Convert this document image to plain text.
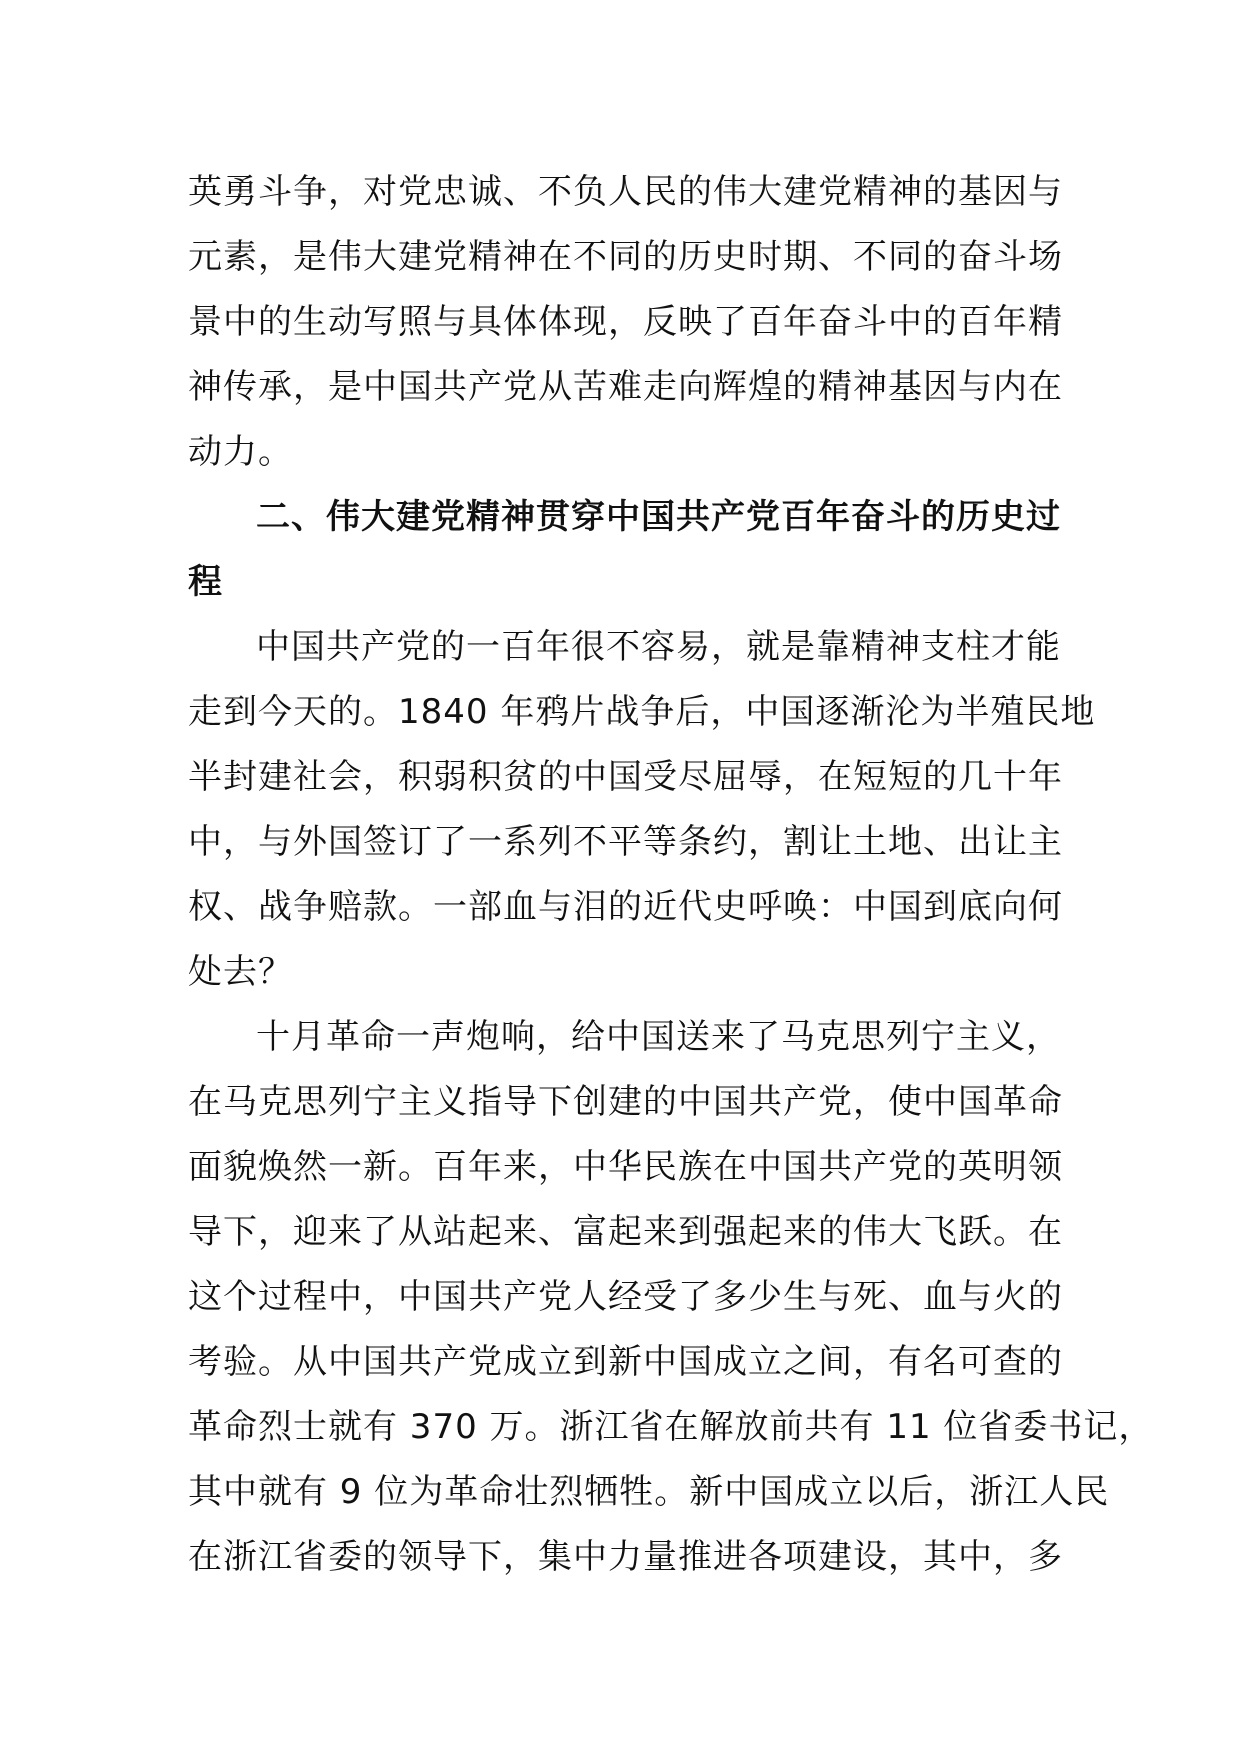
英勇斗争，对党忠诚、不负人民的伟大建党精神的基因与
元素，是伟大建党精神在不同的历史时期、不同的奋斗场
景中的生动写照与具体体现，反映了百年奋斗中的百年精
神传承，是中国共产党从苦难走向辉煌的精神基因与内在
动力。
二、伟大建党精神贯穿中国共产党百年奋斗的历史过
程
中国共产党的一百年很不容易，就是靠精神支柱才能
走到今天的。1840 年鸦片战争后，中国逐渐沦为半殖民地
半封建社会，积弱积贫的中国受尽屈辱，在短短的几十年
中，与外国签订了一系列不平等条约，割让土地、出让主
权、战争赔款。一部血与泪的近代史呼唤：中国到底向何
处去？
十月革命一声炮响，给中国送来了马克思列宁主义，
在马克思列宁主义指导下创建的中国共产党，使中国革命
面貌焕然一新。百年来，中华民族在中国共产党的英明领
导下，迎来了从站起来、富起来到强起来的伟大飞跃。在
这个过程中，中国共产党人经受了多少生与死、血与火的
考验。从中国共产党成立到新中国成立之间，有名可查的
革命烈士就有 370 万。浙江省在解放前共有 11 位省委书记，
其中就有 9 位为革命壮烈牺牲。新中国成立以后，浙江人民
在浙江省委的领导下，集中力量推进各项建设，其中，多
